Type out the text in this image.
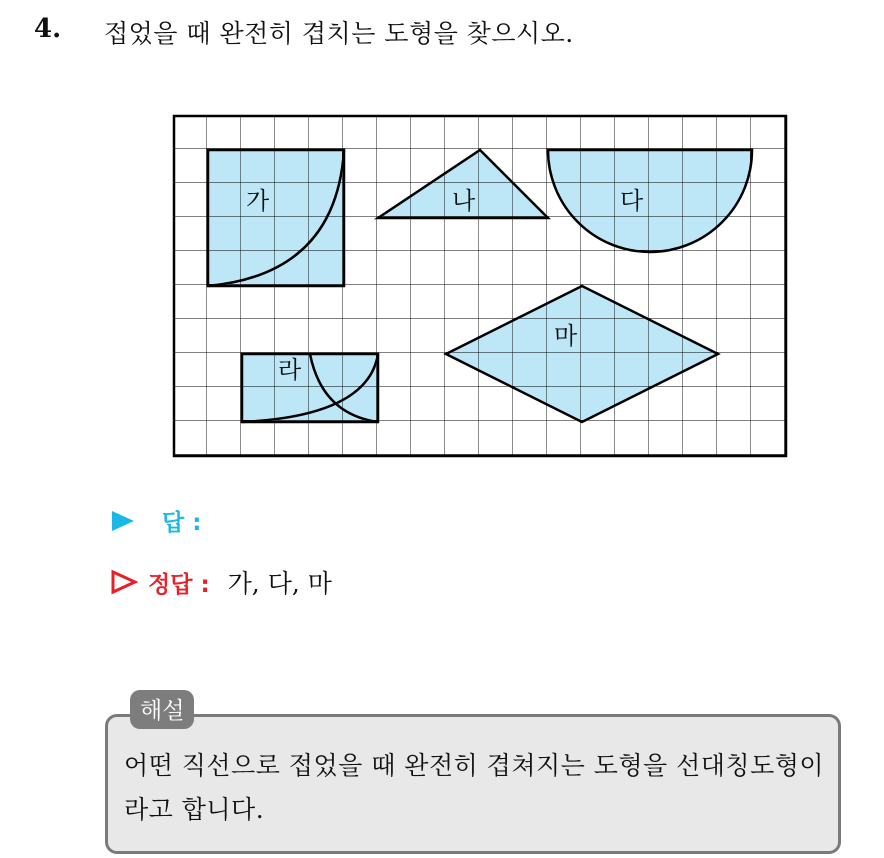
4. 접었을 때 완전히 겹치는 도형을 찾으시오.
가	나	다
라
마
답 :
정답 : 가, 다, 마
해설
어떤 직선으로 접었을 때 완전히 겹쳐지는 도형을 선대칭도형이라고 합니다.
